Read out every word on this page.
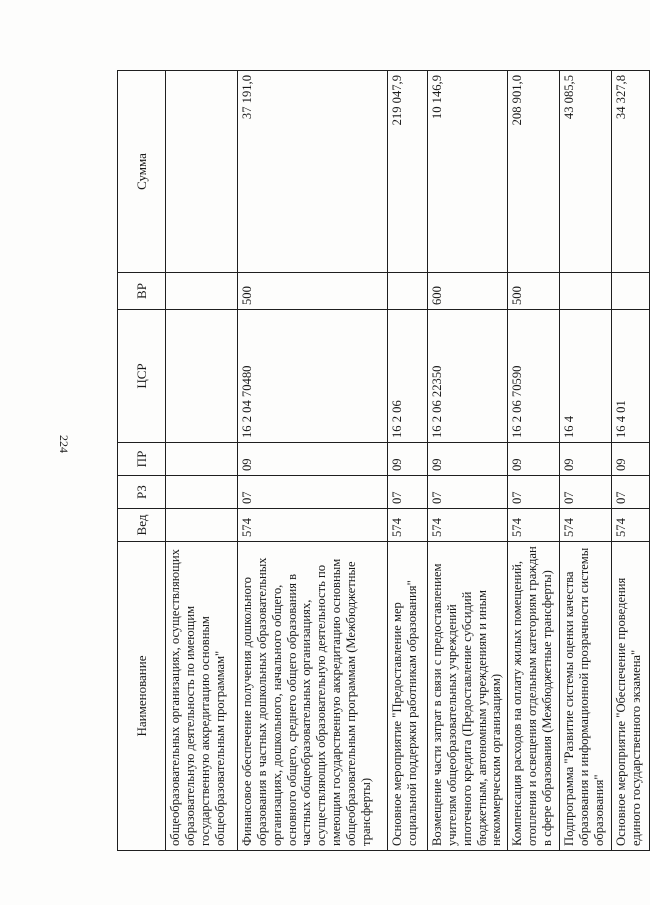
224
Наименование	Вед	РЗ	ПР	ЦСР	ВР	Сумма
общеобразовательных организациях, осуществляющих образовательную деятельность по имеющим государственную аккредитацию основным общеобразовательным программам"						
Финансовое обеспечение получения дошкольного образования в частных дошкольных образовательных организациях, дошкольного, начального общего, основного общего, среднего общего образования в частных общеобразовательных организациях, осуществляющих образовательную деятельность по имеющим государственную аккредитацию основным общеобразовательным программам (Межбюджетные трансферты)	574	07	09	16 2 04 70480	500	37 191,0
Основное мероприятие "Предоставление мер социальной поддержки работникам образования"	574	07	09	16 2 06		219 047,9
Возмещение части затрат в связи с предоставлением учителям общеобразовательных учреждений ипотечного кредита (Предоставление субсидий бюджетным, автономным учреждениям и иным некоммерческим организациям)	574	07	09	16 2 06 22350	600	10 146,9
Компенсация расходов на оплату жилых помещений, отопления и освещения отдельным категориям граждан в сфере образования (Межбюджетные трансферты)	574	07	09	16 2 06 70590	500	208 901,0
Подпрограмма "Развитие системы оценки качества образования и информационной прозрачности системы образования"	574	07	09	16 4		43 085,5
Основное мероприятие "Обеспечение проведения единого государственного экзамена"	574	07	09	16 4 01		34 327,8
